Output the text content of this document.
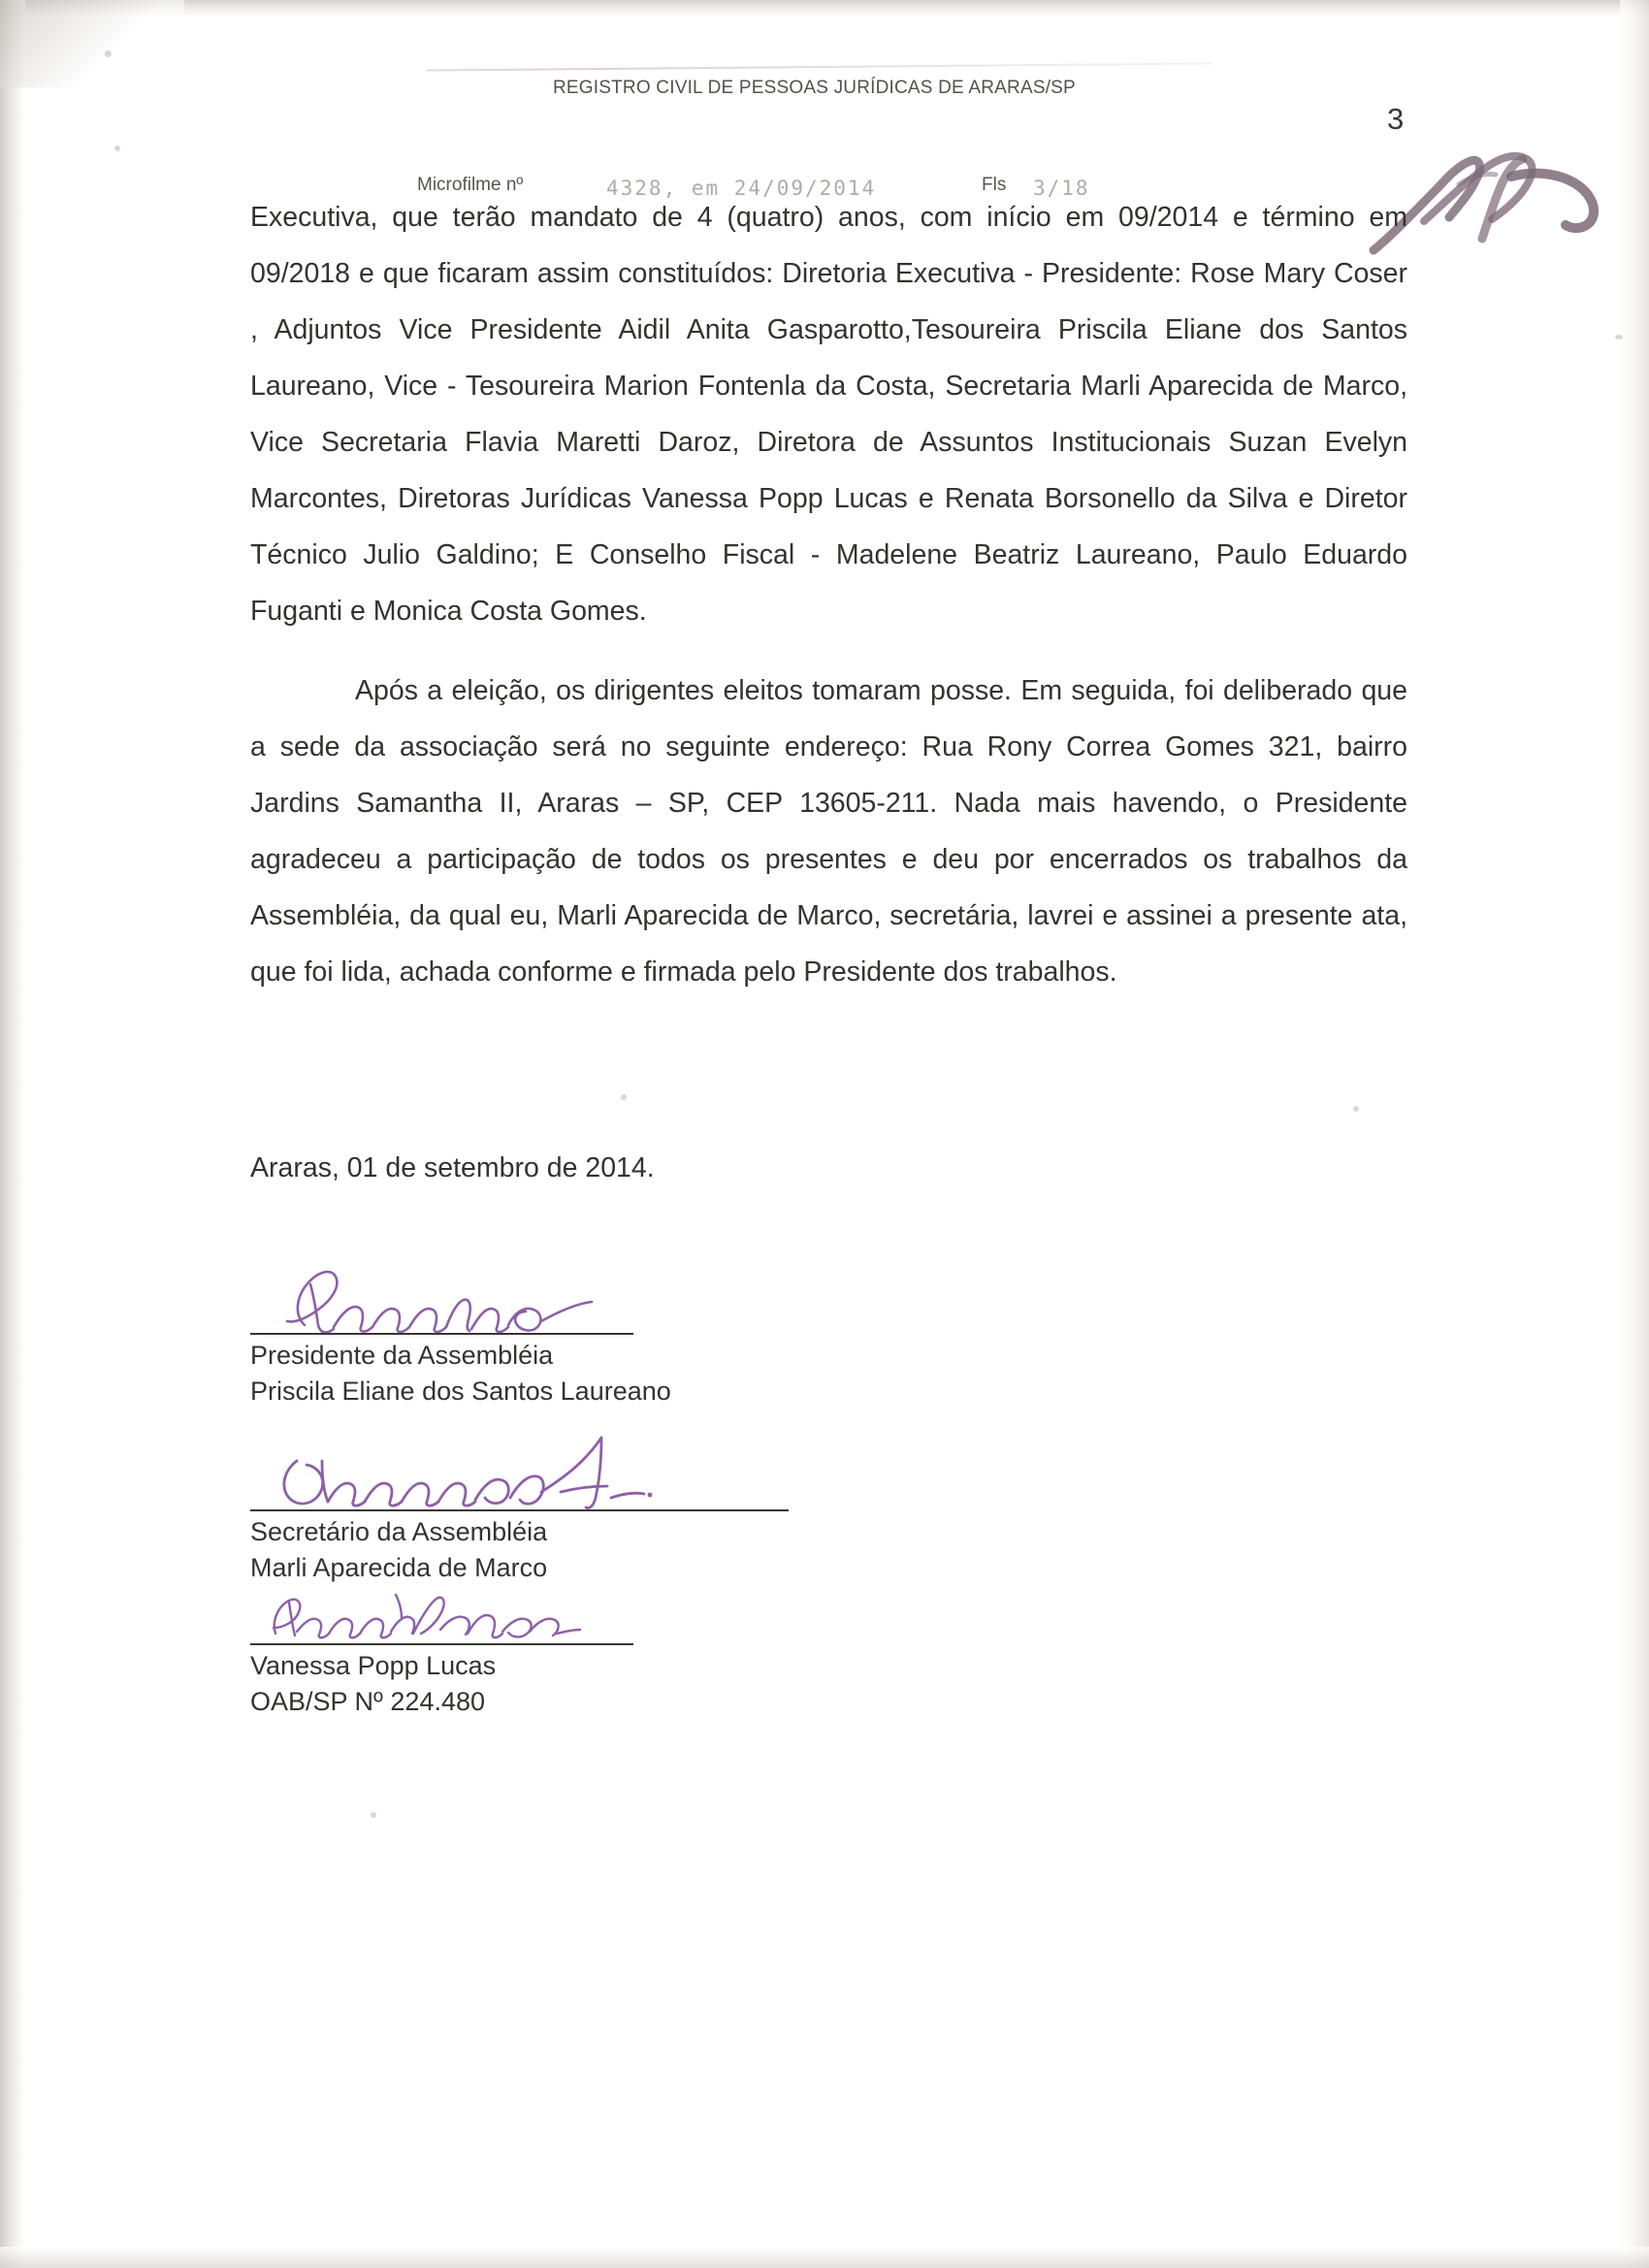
REGISTRO CIVIL DE PESSOAS JURÍDICAS DE ARARAS/SP
Microfilme nº	4328, em 24/09/2014	Fls 3/18
3

Executiva, que terão mandato de 4 (quatro) anos, com início em 09/2014 e término em 09/2018 e que ficaram assim constituídos: Diretoria Executiva - Presidente: Rose Mary Coser , Adjuntos Vice Presidente Aidil Anita Gasparotto,Tesoureira Priscila Eliane dos Santos Laureano, Vice - Tesoureira Marion Fontenla da Costa, Secretaria Marli Aparecida de Marco, Vice Secretaria Flavia Maretti Daroz, Diretora de Assuntos Institucionais Suzan Evelyn Marcontes, Diretoras Jurídicas Vanessa Popp Lucas e Renata Borsonello da Silva e Diretor Técnico Julio Galdino; E Conselho Fiscal - Madelene Beatriz Laureano, Paulo Eduardo Fuganti e Monica Costa Gomes.

Após a eleição, os dirigentes eleitos tomaram posse. Em seguida, foi deliberado que a sede da associação será no seguinte endereço: Rua Rony Correa Gomes 321, bairro Jardins Samantha II, Araras – SP, CEP 13605-211. Nada mais havendo, o Presidente agradeceu a participação de todos os presentes e deu por encerrados os trabalhos da Assembléia, da qual eu, Marli Aparecida de Marco, secretária, lavrei e assinei a presente ata, que foi lida, achada conforme e firmada pelo Presidente dos trabalhos.

Araras, 01 de setembro de 2014.
Presidente da Assembléia
Priscila Eliane dos Santos Laureano
Secretário da Assembléia
Marli Aparecida de Marco
Vanessa Popp Lucas
OAB/SP Nº 224.480
